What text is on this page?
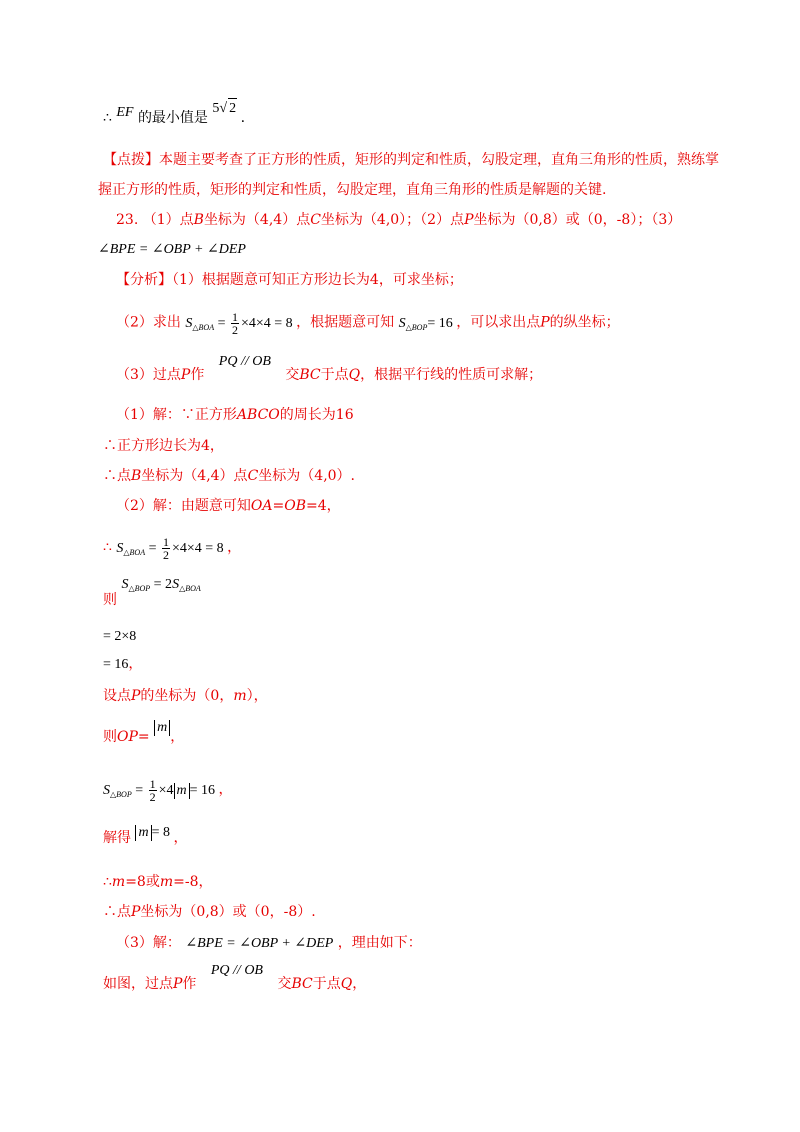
∴ EF 的最小值是 5√ 2 .
【点拨】本题主要考查了正方形的性质，矩形的判定和性质，勾股定理，直角三角形的性质，熟练掌
握正方形的性质，矩形的判定和性质，勾股定理，直角三角形的性质是解题的关键.
23. （1）点B坐标为（4,4）点C坐标为（4,0）；（2）点P坐标为（0,8）或（0，-8）；（3）
∠BPE = ∠OBP + ∠DEP
【分析】（1）根据题意可知正方形边长为4，可求坐标；
（2）求出 $S_{\triangle BOA} = \frac{1}{2} \times 4\times 4 = 8$ ，根据题意可知 $S_{\triangle BOP}= 16$ ，可以求出点P的纵坐标；
（3）过点P作 PQ // OB 交BC于点Q，根据平行线的性质可求解；
（1）解：∵正方形ABCO的周长为16
∴正方形边长为4，
∴点B坐标为（4,4）点C坐标为（4,0）.
（2）解：由题意可知OA=OB=4，
∴ $S_{\triangle BOA} = \frac{1}{2} \times 4\times 4 = 8$ ，
则 $S_{\triangle BOP} = 2S_{\triangle BOA}$
= 2×8
= 16，
设点P的坐标为（0，m），
则OP= m，
$S_{\triangle BOP} = \frac{1}{2} \times 4$ m = 16 ，
解得 m = 8 ，
∴m=8或m=-8，
∴点P坐标为（0,8）或（0，-8）.
（3）解： ∠BPE = ∠OBP + ∠DEP ，理由如下：
如图，过点P作 PQ // OB 交BC于点Q，
